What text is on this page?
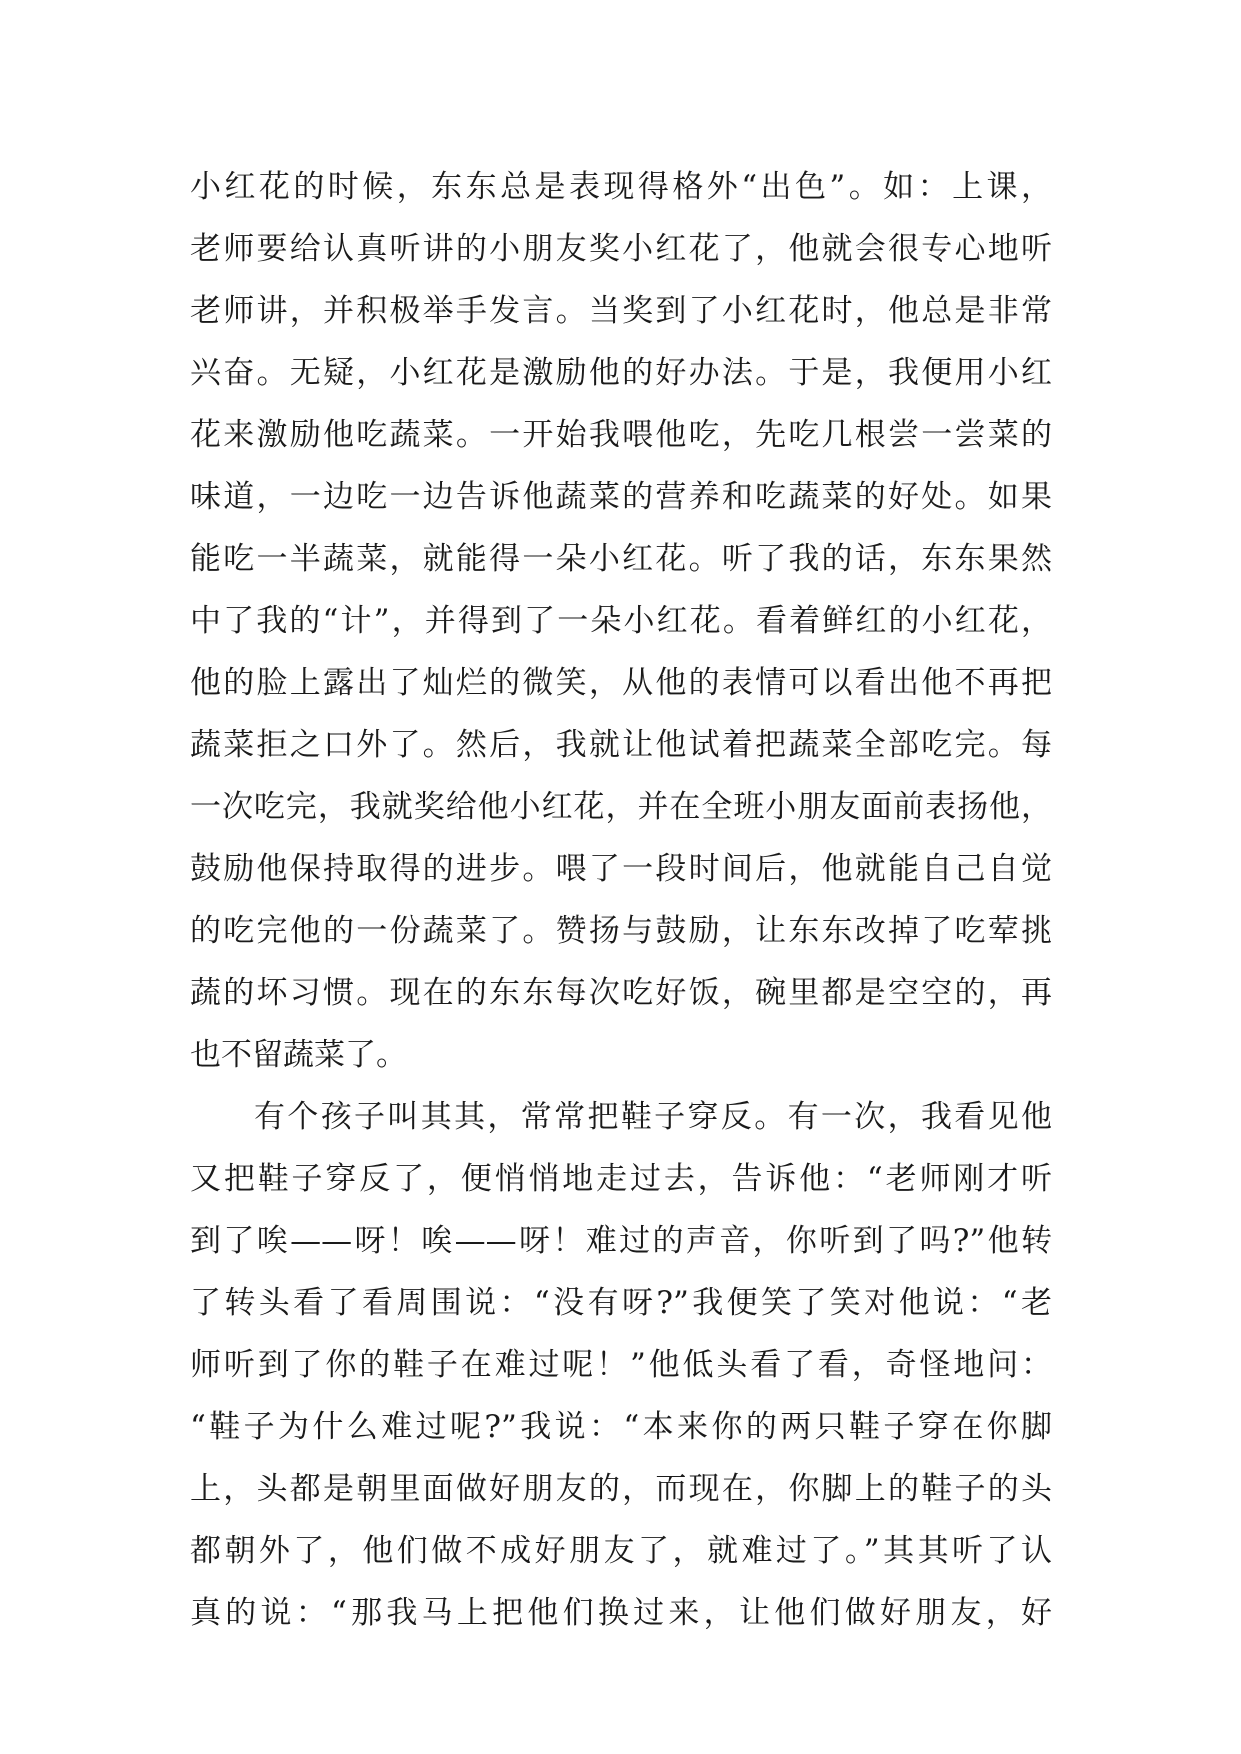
小红花的时候，东东总是表现得格外“出色”。如：上课，
老师要给认真听讲的小朋友奖小红花了，他就会很专心地听
老师讲，并积极举手发言。当奖到了小红花时，他总是非常
兴奋。无疑，小红花是激励他的好办法。于是，我便用小红
花来激励他吃蔬菜。一开始我喂他吃，先吃几根尝一尝菜的
味道，一边吃一边告诉他蔬菜的营养和吃蔬菜的好处。如果
能吃一半蔬菜，就能得一朵小红花。听了我的话，东东果然
中了我的“计”，并得到了一朵小红花。看着鲜红的小红花，
他的脸上露出了灿烂的微笑，从他的表情可以看出他不再把
蔬菜拒之口外了。然后，我就让他试着把蔬菜全部吃完。每
一次吃完，我就奖给他小红花，并在全班小朋友面前表扬他，
鼓励他保持取得的进步。喂了一段时间后，他就能自己自觉
的吃完他的一份蔬菜了。赞扬与鼓励，让东东改掉了吃荤挑
蔬的坏习惯。现在的东东每次吃好饭，碗里都是空空的，再
也不留蔬菜了。
有个孩子叫其其，常常把鞋子穿反。有一次，我看见他
又把鞋子穿反了，便悄悄地走过去，告诉他：“老师刚才听
到了唉——呀！唉——呀！难过的声音，你听到了吗?”他转
了转头看了看周围说：“没有呀?”我便笑了笑对他说：“老
师听到了你的鞋子在难过呢！”他低头看了看，奇怪地问：
“鞋子为什么难过呢?”我说：“本来你的两只鞋子穿在你脚
上，头都是朝里面做好朋友的，而现在，你脚上的鞋子的头
都朝外了，他们做不成好朋友了，就难过了。”其其听了认
真的说：“那我马上把他们换过来，让他们做好朋友，好
